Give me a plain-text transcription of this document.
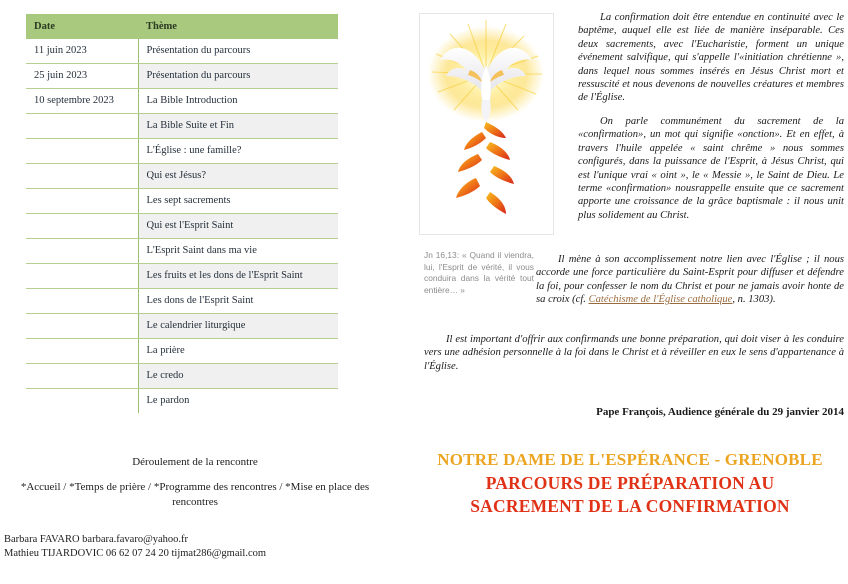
Date	Thème
11 juin 2023	Présentation du parcours
25 juin 2023	Présentation du parcours
10 septembre 2023	La Bible Introduction
	La Bible Suite et Fin
	L'Église : une famille?
	Qui est Jésus?
	Les sept sacrements
	Qui est l'Esprit Saint
	L'Esprit Saint dans ma vie
	Les fruits et les dons de l'Esprit Saint
	Les dons de l'Esprit Saint
	Le calendrier liturgique
	La prière
	Le credo
	Le pardon
Déroulement de la rencontre
*Accueil / *Temps de prière / *Programme des rencontres / *Mise en place des rencontres
Barbara FAVARO barbara.favaro@yahoo.fr
Mathieu TIJARDOVIC 06 62 07 24 20 tijmat286@gmail.com
Jn 16,13: « Quand il viendra, lui, l'Esprit de vérité, il vous conduira dans la vérité tout entière… »
La confirmation doit être entendue en continuité avec le baptême, auquel elle est liée de manière inséparable. Ces deux sacrements, avec l'Eucharistie, forment un unique événement salvifique, qui s'appelle l'«initiation chrétienne », dans lequel nous sommes insérés en Jésus Christ mort et ressuscité et nous devenons de nouvelles créatures et membres de l'Église.
On parle communément du sacrement de la «confirmation», un mot qui signifie «onction». Et en effet, à travers l'huile appelée « saint chrême » nous sommes configurés, dans la puissance de l'Esprit, à Jésus Christ, qui est l'unique vrai « oint », le « Messie », le Saint de Dieu. Le terme «confirmation» nousrappelle ensuite que ce sacrement apporte une croissance de la grâce baptismale : il nous unit plus solidement au Christ.
Il mène à son accomplissement notre lien avec l'Église ; il nous accorde une force particulière du Saint-Esprit pour diffuser et défendre la foi, pour confesser le nom du Christ et pour ne jamais avoir honte de sa croix (cf. Catéchisme de l'Église catholique, n. 1303).
Il est important d'offrir aux confirmands une bonne préparation, qui doit viser à les conduire vers une adhésion personnelle à la foi dans le Christ et à réveiller en eux le sens d'appartenance à l'Église.
Pape François, Audience générale du 29 janvier 2014
NOTRE DAME DE L'ESPÉRANCE - GRENOBLE
PARCOURS DE PRÉPARATION AU
SACREMENT DE LA CONFIRMATION
